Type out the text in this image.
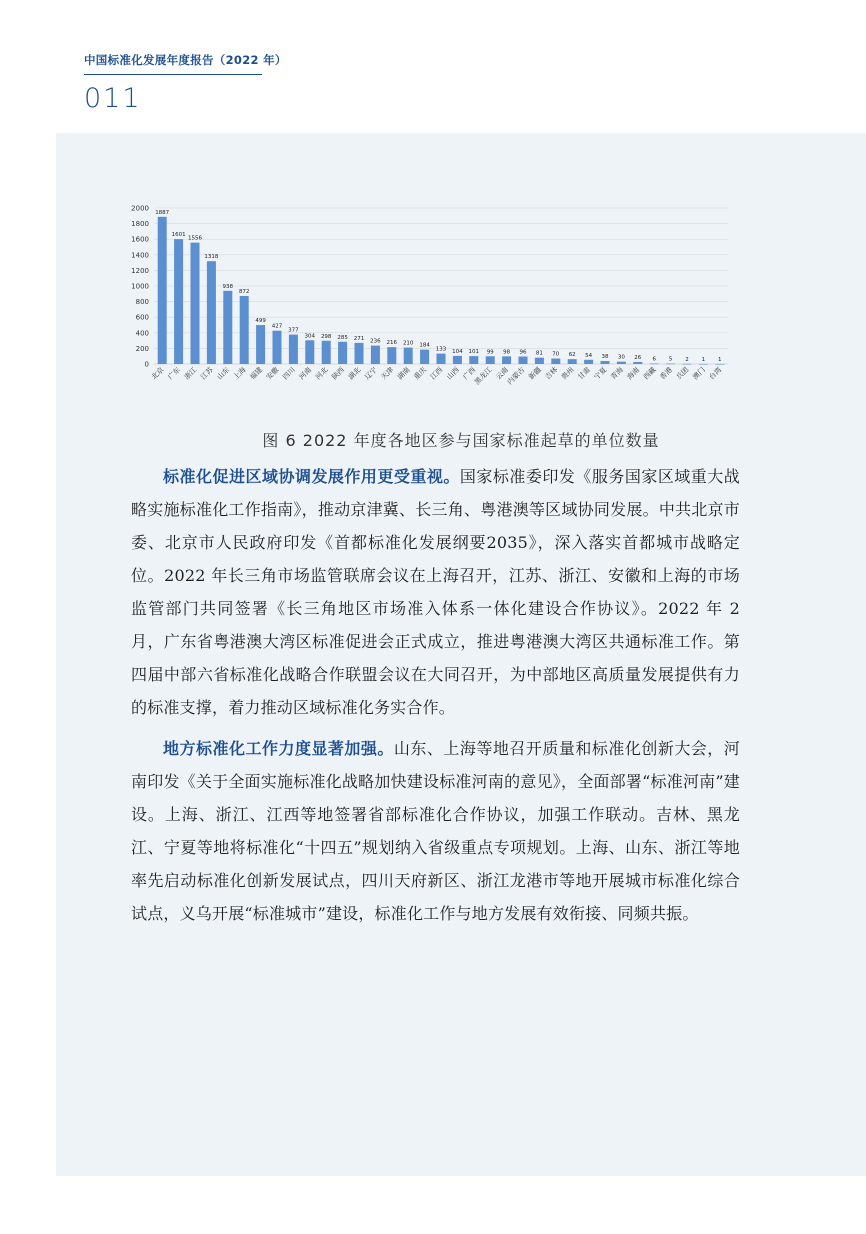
中国标准化发展年度报告（2022 年）
011
0
200
400
600
800
1000
1200
1400
1600
1800
2000
1887
北京
1601
广东
1556
浙江
1318
江苏
938
山东
872
上海
499
福建
427
安徽
377
四川
304
河南
298
河北
285
陕西
271
湖北
236
辽宁
216
天津
210
湖南
184
重庆
133
江西
104
山西
101
广西
99
黑龙江
98
云南
96
内蒙古
81
新疆
70
吉林
62
贵州
54
甘肃
38
宁夏
30
青海
26
海南
6
西藏
5
香港
2
兵团
1
澳门
1
台湾
图 6 2022 年度各地区参与国家标准起草的单位数量

标准化促进区域协调发展作用更受重视。国家标准委印发《服务国家区域重大战略实施标准化工作指南》，推动京津冀、长三角、粤港澳等区域协同发展。中共北京市委、北京市人民政府印发《首都标准化发展纲要2035》，深入落实首都城市战略定位。2022 年长三角市场监管联席会议在上海召开，江苏、浙江、安徽和上海的市场监管部门共同签署《长三角地区市场准入体系一体化建设合作协议》。2022 年 2 月，广东省粤港澳大湾区标准促进会正式成立，推进粤港澳大湾区共通标准工作。第四届中部六省标准化战略合作联盟会议在大同召开，为中部地区高质量发展提供有力的标准支撑，着力推动区域标准化务实合作。

地方标准化工作力度显著加强。山东、上海等地召开质量和标准化创新大会，河南印发《关于全面实施标准化战略加快建设标准河南的意见》，全面部署“标准河南”建设。上海、浙江、江西等地签署省部标准化合作协议，加强工作联动。吉林、黑龙江、宁夏等地将标准化“十四五”规划纳入省级重点专项规划。上海、山东、浙江等地率先启动标准化创新发展试点，四川天府新区、浙江龙港市等地开展城市标准化综合试点，义乌开展“标准城市”建设，标准化工作与地方发展有效衔接、同频共振。
